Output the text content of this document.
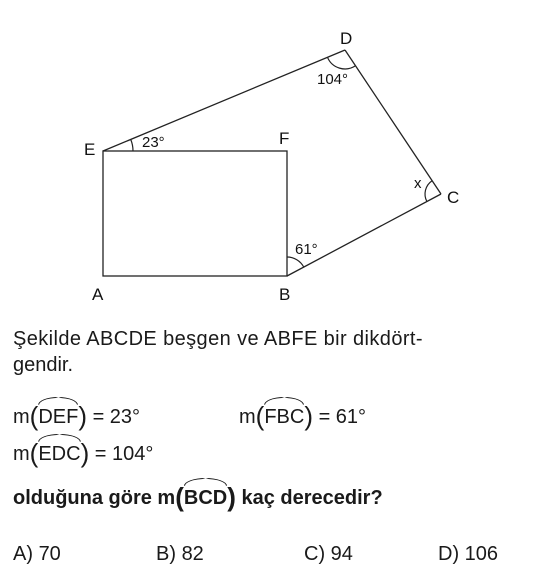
A	B
C
D
E
F
23°
104°
x
61°
Şekilde ABCDE beşgen ve ABFE bir dikdört-
gendir.
m(DEF) = 23°	m(FBC) = 61°
m(EDC) = 104°
olduğuna göre m(BCD) kaç derecedir?
A) 70	B) 82	C) 94	D) 106
